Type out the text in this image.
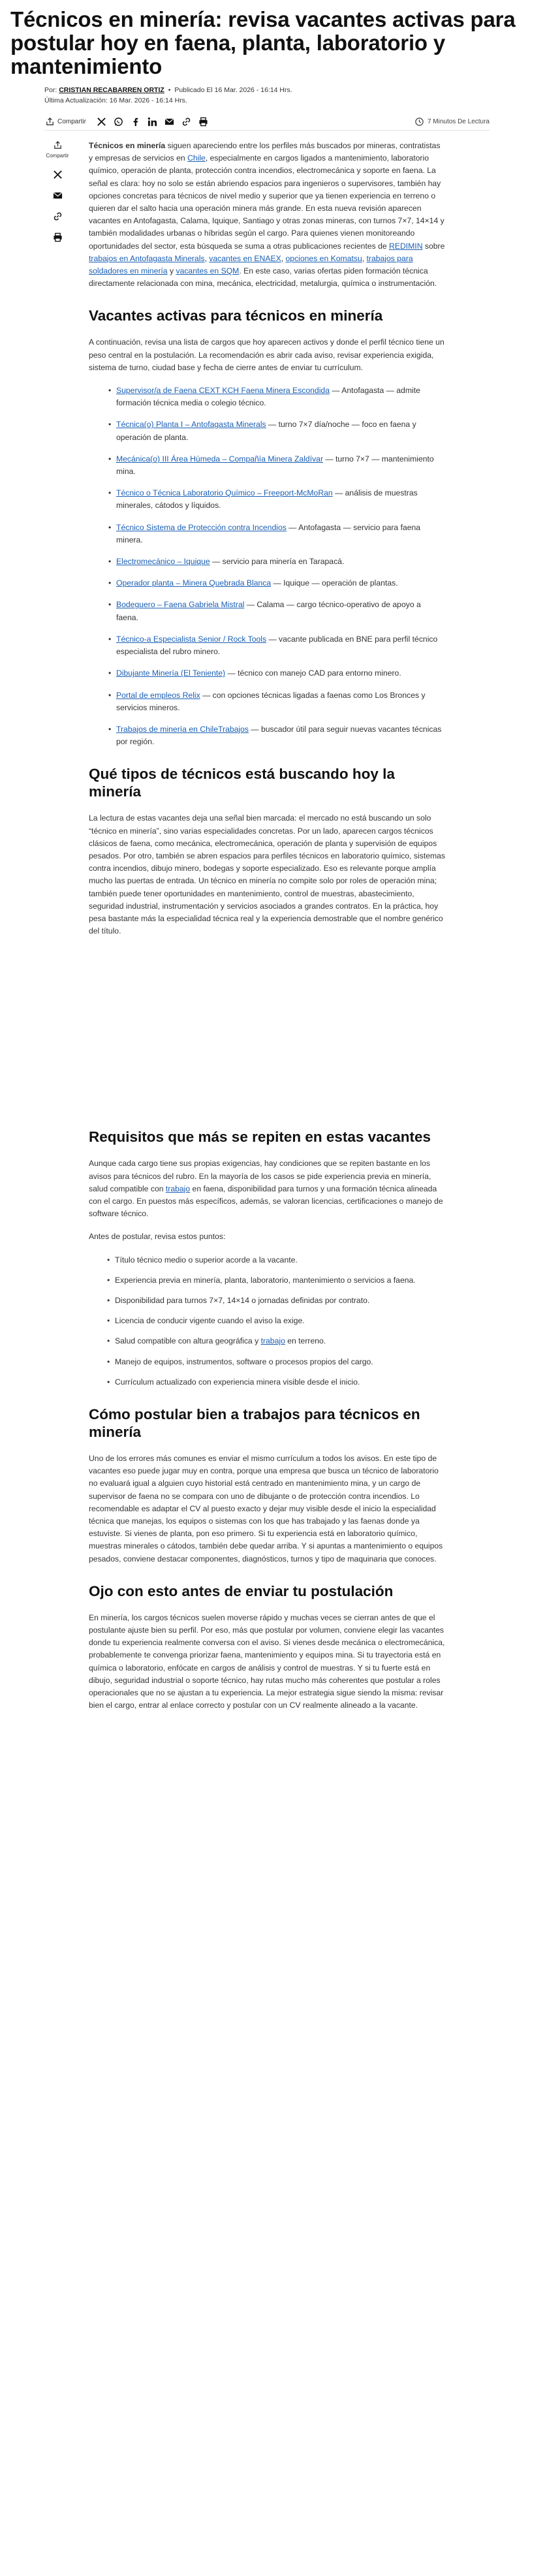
Técnicos en minería: revisa vacantes activas para postular hoy en faena, planta, laboratorio y mantenimiento
Por: CRISTIAN RECABARREN ORTIZ • Publicado El 16 Mar. 2026 - 16:14 Hrs.
Última Actualización: 16 Mar. 2026 - 16:14 Hrs.
Compartir	7 Minutos De Lectura
Compartir

Técnicos en minería siguen apareciendo entre los perfiles más buscados por mineras, contratistas y empresas de servicios en Chile, especialmente en cargos ligados a mantenimiento, laboratorio químico, operación de planta, protección contra incendios, electromecánica y soporte en faena. La señal es clara: hoy no solo se están abriendo espacios para ingenieros o supervisores, también hay opciones concretas para técnicos de nivel medio y superior que ya tienen experiencia en terreno o quieren dar el salto hacia una operación minera más grande. En esta nueva revisión aparecen vacantes en Antofagasta, Calama, Iquique, Santiago y otras zonas mineras, con turnos 7×7, 14×14 y también modalidades urbanas o híbridas según el cargo. Para quienes vienen monitoreando oportunidades del sector, esta búsqueda se suma a otras publicaciones recientes de REDIMIN sobre trabajos en Antofagasta Minerals, vacantes en ENAEX, opciones en Komatsu, trabajos para soldadores en minería y vacantes en SQM. En este caso, varias ofertas piden formación técnica directamente relacionada con mina, mecánica, electricidad, metalurgia, química o instrumentación.

Vacantes activas para técnicos en minería

A continuación, revisa una lista de cargos que hoy aparecen activos y donde el perfil técnico tiene un peso central en la postulación. La recomendación es abrir cada aviso, revisar experiencia exigida, sistema de turno, ciudad base y fecha de cierre antes de enviar tu currículum.

• Supervisor/a de Faena CEXT KCH Faena Minera Escondida — Antofagasta — admite formación técnica media o colegio técnico.
• Técnica(o) Planta I – Antofagasta Minerals — turno 7×7 día/noche — foco en faena y operación de planta.
• Mecánica(o) III Área Húmeda – Compañía Minera Zaldívar — turno 7×7 — mantenimiento mina.
• Técnico o Técnica Laboratorio Químico – Freeport-McMoRan — análisis de muestras minerales, cátodos y líquidos.
• Técnico Sistema de Protección contra Incendios — Antofagasta — servicio para faena minera.
• Electromecánico – Iquique — servicio para minería en Tarapacá.
• Operador planta – Minera Quebrada Blanca — Iquique — operación de plantas.
• Bodeguero – Faena Gabriela Mistral — Calama — cargo técnico-operativo de apoyo a faena.
• Técnico-a Especialista Senior / Rock Tools — vacante publicada en BNE para perfil técnico especialista del rubro minero.
• Dibujante Minería (El Teniente) — técnico con manejo CAD para entorno minero.
• Portal de empleos Relix — con opciones técnicas ligadas a faenas como Los Bronces y servicios mineros.
• Trabajos de minería en ChileTrabajos — buscador útil para seguir nuevas vacantes técnicas por región.
Qué tipos de técnicos está buscando hoy la minería

La lectura de estas vacantes deja una señal bien marcada: el mercado no está buscando un solo “técnico en minería”, sino varias especialidades concretas. Por un lado, aparecen cargos técnicos clásicos de faena, como mecánica, electromecánica, operación de planta y supervisión de equipos pesados. Por otro, también se abren espacios para perfiles técnicos en laboratorio químico, sistemas contra incendios, dibujo minero, bodegas y soporte especializado. Eso es relevante porque amplía mucho las puertas de entrada. Un técnico en minería no compite solo por roles de operación mina; también puede tener oportunidades en mantenimiento, control de muestras, abastecimiento, seguridad industrial, instrumentación y servicios asociados a grandes contratos. En la práctica, hoy pesa bastante más la especialidad técnica real y la experiencia demostrable que el nombre genérico del título.

Requisitos que más se repiten en estas vacantes

Aunque cada cargo tiene sus propias exigencias, hay condiciones que se repiten bastante en los avisos para técnicos del rubro. En la mayoría de los casos se pide experiencia previa en minería, salud compatible con trabajo en faena, disponibilidad para turnos y una formación técnica alineada con el cargo. En puestos más específicos, además, se valoran licencias, certificaciones o manejo de software técnico.

Antes de postular, revisa estos puntos:

• Título técnico medio o superior acorde a la vacante.
• Experiencia previa en minería, planta, laboratorio, mantenimiento o servicios a faena.
• Disponibilidad para turnos 7×7, 14×14 o jornadas definidas por contrato.
• Licencia de conducir vigente cuando el aviso la exige.
• Salud compatible con altura geográfica y trabajo en terreno.
• Manejo de equipos, instrumentos, software o procesos propios del cargo.
• Currículum actualizado con experiencia minera visible desde el inicio.
Cómo postular bien a trabajos para técnicos en minería

Uno de los errores más comunes es enviar el mismo currículum a todos los avisos. En este tipo de vacantes eso puede jugar muy en contra, porque una empresa que busca un técnico de laboratorio no evaluará igual a alguien cuyo historial está centrado en mantenimiento mina, y un cargo de supervisor de faena no se compara con uno de dibujante o de protección contra incendios. Lo recomendable es adaptar el CV al puesto exacto y dejar muy visible desde el inicio la especialidad técnica que manejas, los equipos o sistemas con los que has trabajado y las faenas donde ya estuviste. Si vienes de planta, pon eso primero. Si tu experiencia está en laboratorio químico, muestras minerales o cátodos, también debe quedar arriba. Y si apuntas a mantenimiento o equipos pesados, conviene destacar componentes, diagnósticos, turnos y tipo de maquinaria que conoces.

Ojo con esto antes de enviar tu postulación

En minería, los cargos técnicos suelen moverse rápido y muchas veces se cierran antes de que el postulante ajuste bien su perfil. Por eso, más que postular por volumen, conviene elegir las vacantes donde tu experiencia realmente conversa con el aviso. Si vienes desde mecánica o electromecánica, probablemente te convenga priorizar faena, mantenimiento y equipos mina. Si tu trayectoria está en química o laboratorio, enfócate en cargos de análisis y control de muestras. Y si tu fuerte está en dibujo, seguridad industrial o soporte técnico, hay rutas mucho más coherentes que postular a roles operacionales que no se ajustan a tu experiencia. La mejor estrategia sigue siendo la misma: revisar bien el cargo, entrar al enlace correcto y postular con un CV realmente alineado a la vacante.
